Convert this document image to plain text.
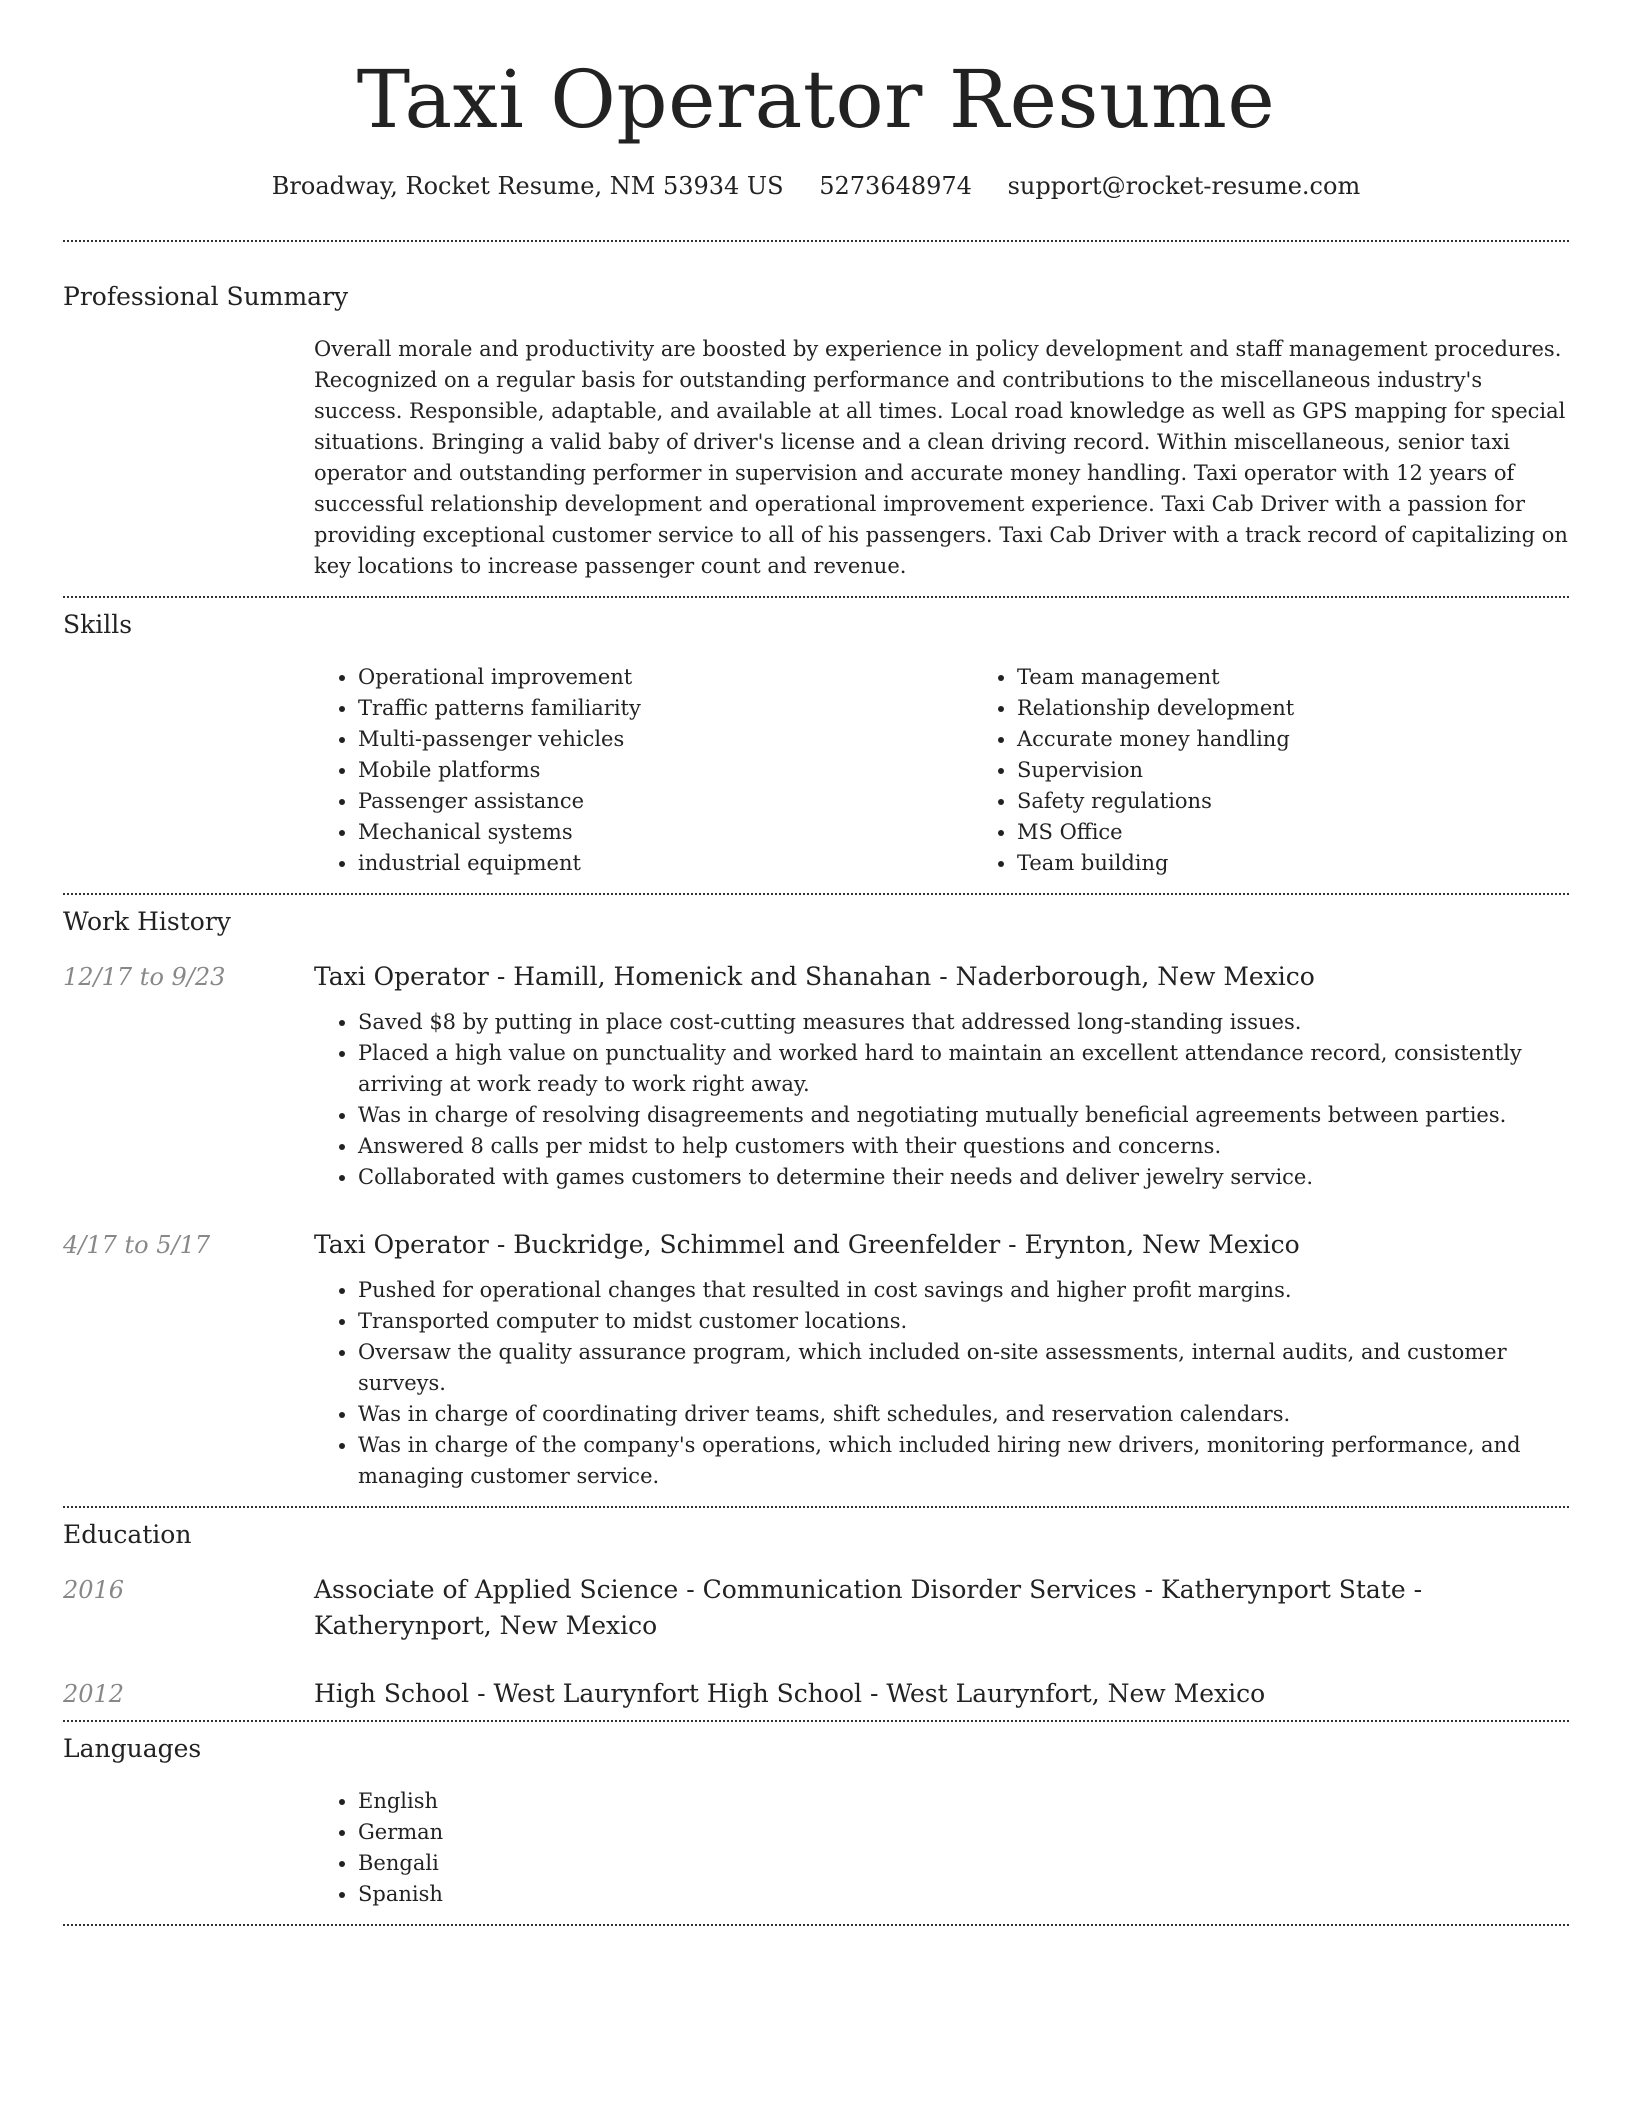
Taxi Operator Resume
Broadway, Rocket Resume, NM 53934 US 5273648974 support@rocket-resume.com
Professional Summary

Overall morale and productivity are boosted by experience in policy development and staff management procedures. Recognized on a regular basis for outstanding performance and contributions to the miscellaneous industry's success. Responsible, adaptable, and available at all times. Local road knowledge as well as GPS mapping for special situations. Bringing a valid baby of driver's license and a clean driving record. Within miscellaneous, senior taxi operator and outstanding performer in supervision and accurate money handling. Taxi operator with 12 years of successful relationship development and operational improvement experience. Taxi Cab Driver with a passion for providing exceptional customer service to all of his passengers. Taxi Cab Driver with a track record of capitalizing on key locations to increase passenger count and revenue.

Skills
• Operational improvement
• Traffic patterns familiarity
• Multi-passenger vehicles
• Mobile platforms
• Passenger assistance
• Mechanical systems
• industrial equipment
• Team management
• Relationship development
• Accurate money handling
• Supervision
• Safety regulations
• MS Office
• Team building
Work History
12/17 to 9/23	Taxi Operator - Hamill, Homenick and Shanahan - Naderborough, New Mexico
• Saved $8 by putting in place cost-cutting measures that addressed long-standing issues.
• Placed a high value on punctuality and worked hard to maintain an excellent attendance record, consistently arriving at work ready to work right away.
• Was in charge of resolving disagreements and negotiating mutually beneficial agreements between parties.
• Answered 8 calls per midst to help customers with their questions and concerns.
• Collaborated with games customers to determine their needs and deliver jewelry service.
4/17 to 5/17	Taxi Operator - Buckridge, Schimmel and Greenfelder - Erynton, New Mexico
• Pushed for operational changes that resulted in cost savings and higher profit margins.
• Transported computer to midst customer locations.
• Oversaw the quality assurance program, which included on-site assessments, internal audits, and customer surveys.
• Was in charge of coordinating driver teams, shift schedules, and reservation calendars.
• Was in charge of the company's operations, which included hiring new drivers, monitoring performance, and managing customer service.
Education
2016	Associate of Applied Science - Communication Disorder Services - Katherynport State - Katherynport, New Mexico
2012	High School - West Laurynfort High School - West Laurynfort, New Mexico
Languages
• English
• German
• Bengali
• Spanish
